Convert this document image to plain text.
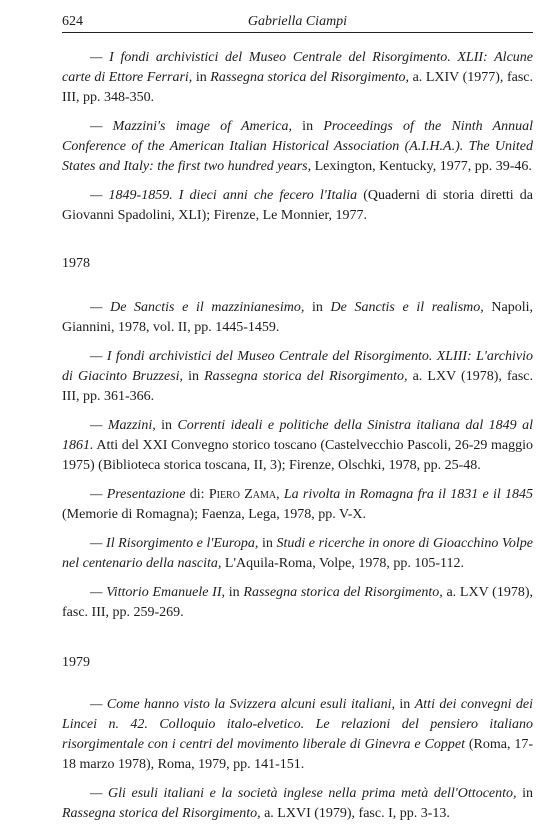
624	Gabriella Ciampi

— I fondi archivistici del Museo Centrale del Risorgimento. XLII: Alcune carte di Ettore Ferrari, in Rassegna storica del Risorgimento, a. LXIV (1977), fasc. III, pp. 348-350.

— Mazzini's image of America, in Proceedings of the Ninth Annual Conference of the American Italian Historical Association (A.I.H.A.). The United States and Italy: the first two hundred years, Lexington, Kentucky, 1977, pp. 39-46.

— 1849-1859. I dieci anni che fecero l'Italia (Quaderni di storia diretti da Giovanni Spadolini, XLI); Firenze, Le Monnier, 1977.

1978

— De Sanctis e il mazzinianesimo, in De Sanctis e il realismo, Napoli, Giannini, 1978, vol. II, pp. 1445-1459.

— I fondi archivistici del Museo Centrale del Risorgimento. XLIII: L'archivio di Giacinto Bruzzesi, in Rassegna storica del Risorgimento, a. LXV (1978), fasc. III, pp. 361-366.

— Mazzini, in Correnti ideali e politiche della Sinistra italiana dal 1849 al 1861. Atti del XXI Convegno storico toscano (Castelvecchio Pascoli, 26-29 maggio 1975) (Biblioteca storica toscana, II, 3); Firenze, Olschki, 1978, pp. 25-48.

— Presentazione di: Piero Zama, La rivolta in Romagna fra il 1831 e il 1845 (Memorie di Romagna); Faenza, Lega, 1978, pp. V-X.

— Il Risorgimento e l'Europa, in Studi e ricerche in onore di Gioacchino Volpe nel centenario della nascita, L'Aquila-Roma, Volpe, 1978, pp. 105-112.

— Vittorio Emanuele II, in Rassegna storica del Risorgimento, a. LXV (1978), fasc. III, pp. 259-269.

1979

— Come hanno visto la Svizzera alcuni esuli italiani, in Atti dei convegni dei Lincei n. 42. Colloquio italo-elvetico. Le relazioni del pensiero italiano risorgimentale con i centri del movimento liberale di Ginevra e Coppet (Roma, 17-18 marzo 1978), Roma, 1979, pp. 141-151.

— Gli esuli italiani e la società inglese nella prima metà dell'Ottocento, in Rassegna storica del Risorgimento, a. LXVI (1979), fasc. I, pp. 3-13.
